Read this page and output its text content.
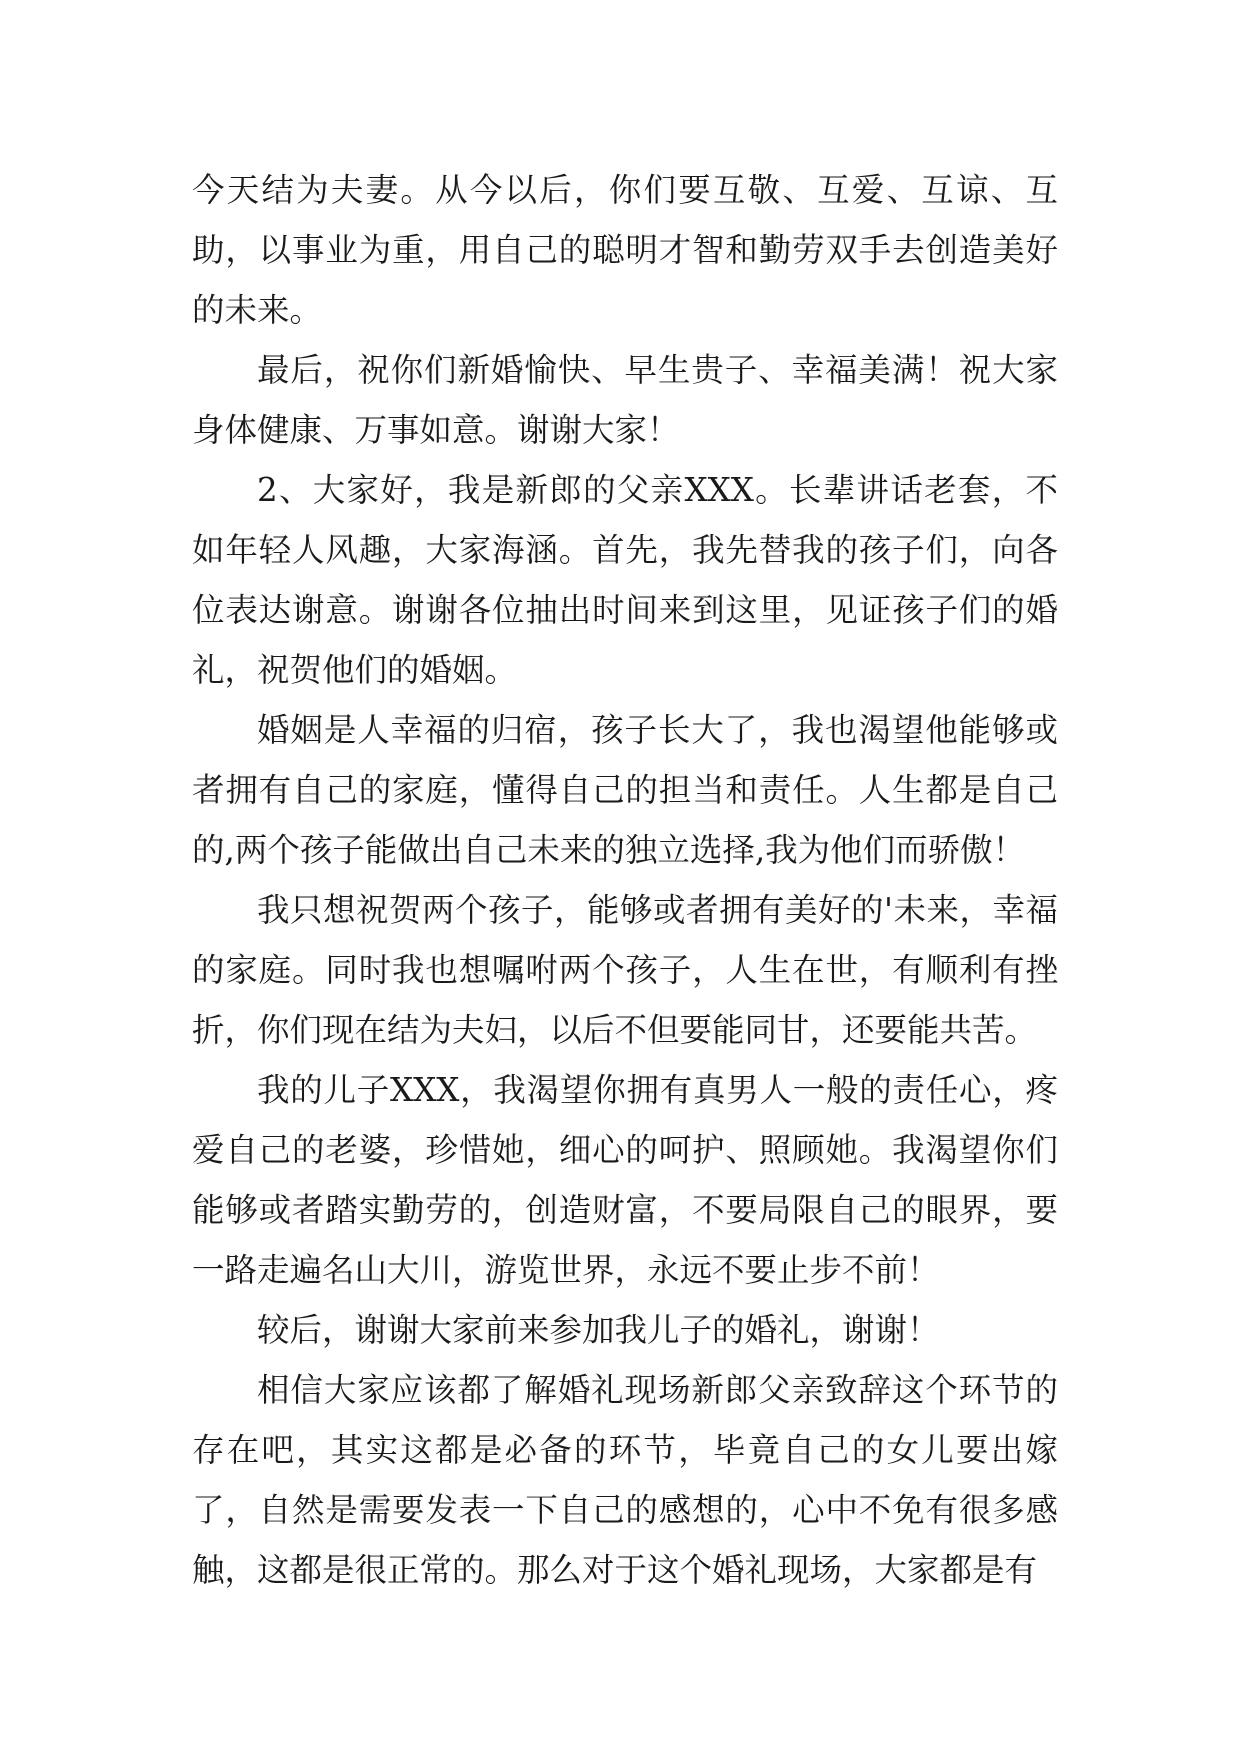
今天结为夫妻。从今以后，你们要互敬、互爱、互谅、互助，以事业为重，用自己的聪明才智和勤劳双手去创造美好的未来。

最后，祝你们新婚愉快、早生贵子、幸福美满！祝大家身体健康、万事如意。谢谢大家！

2、大家好，我是新郎的父亲XXX。长辈讲话老套，不如年轻人风趣，大家海涵。首先，我先替我的孩子们，向各位表达谢意。谢谢各位抽出时间来到这里，见证孩子们的婚礼，祝贺他们的婚姻。

婚姻是人幸福的归宿，孩子长大了，我也渴望他能够或者拥有自己的家庭，懂得自己的担当和责任。人生都是自己的,两个孩子能做出自己未来的独立选择,我为他们而骄傲！

我只想祝贺两个孩子，能够或者拥有美好的'未来，幸福的家庭。同时我也想嘱咐两个孩子，人生在世，有顺利有挫折，你们现在结为夫妇，以后不但要能同甘，还要能共苦。

我的儿子XXX，我渴望你拥有真男人一般的责任心，疼爱自己的老婆，珍惜她，细心的呵护、照顾她。我渴望你们能够或者踏实勤劳的，创造财富，不要局限自己的眼界，要一路走遍名山大川，游览世界，永远不要止步不前！

较后，谢谢大家前来参加我儿子的婚礼，谢谢！

相信大家应该都了解婚礼现场新郎父亲致辞这个环节的存在吧，其实这都是必备的环节，毕竟自己的女儿要出嫁了，自然是需要发表一下自己的感想的，心中不免有很多感触，这都是很正常的。那么对于这个婚礼现场，大家都是有
